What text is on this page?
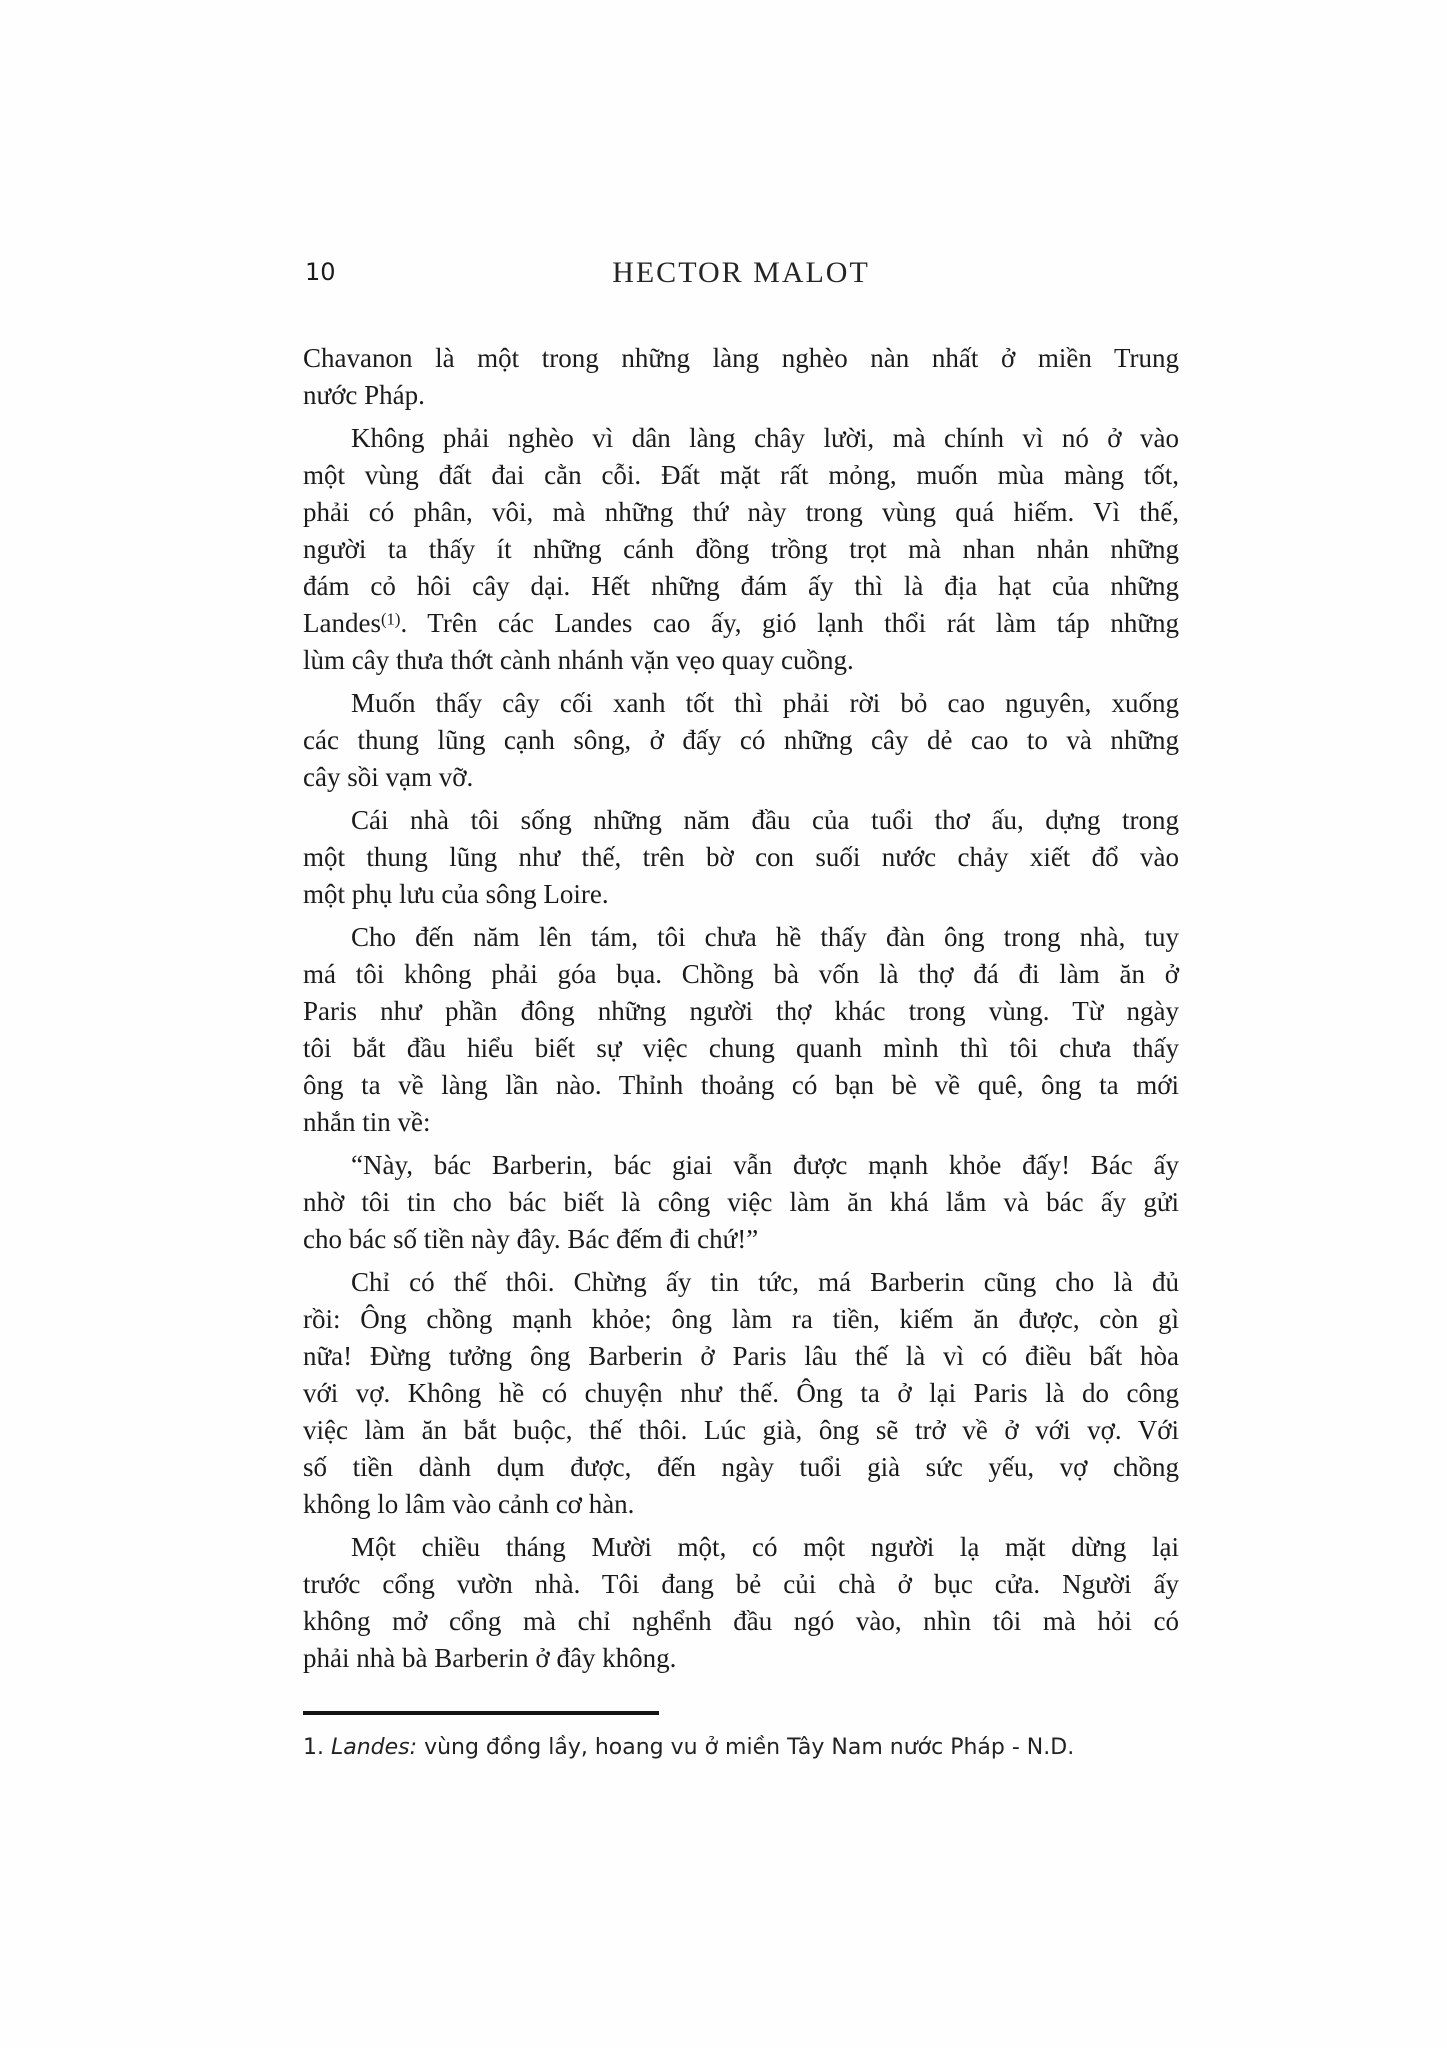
10	HECTOR MALOT

Chavanon là một trong những làng nghèo nàn nhất ở miền Trung
nước Pháp.

Không phải nghèo vì dân làng chây lười, mà chính vì nó ở vào
một vùng đất đai cằn cỗi. Đất mặt rất mỏng, muốn mùa màng tốt,
phải có phân, vôi, mà những thứ này trong vùng quá hiếm. Vì thế,
người ta thấy ít những cánh đồng trồng trọt mà nhan nhản những
đám cỏ hôi cây dại. Hết những đám ấy thì là địa hạt của những
Landes$^{(1)}$. Trên các Landes cao ấy, gió lạnh thổi rát làm táp những
lùm cây thưa thớt cành nhánh vặn vẹo quay cuồng.

Muốn thấy cây cối xanh tốt thì phải rời bỏ cao nguyên, xuống
các thung lũng cạnh sông, ở đấy có những cây dẻ cao to và những
cây sồi vạm vỡ.

Cái nhà tôi sống những năm đầu của tuổi thơ ấu, dựng trong
một thung lũng như thế, trên bờ con suối nước chảy xiết đổ vào
một phụ lưu của sông Loire.

Cho đến năm lên tám, tôi chưa hề thấy đàn ông trong nhà, tuy
má tôi không phải góa bụa. Chồng bà vốn là thợ đá đi làm ăn ở
Paris như phần đông những người thợ khác trong vùng. Từ ngày
tôi bắt đầu hiểu biết sự việc chung quanh mình thì tôi chưa thấy
ông ta về làng lần nào. Thỉnh thoảng có bạn bè về quê, ông ta mới
nhắn tin về:

“Này, bác Barberin, bác giai vẫn được mạnh khỏe đấy! Bác ấy
nhờ tôi tin cho bác biết là công việc làm ăn khá lắm và bác ấy gửi
cho bác số tiền này đây. Bác đếm đi chứ!”

Chỉ có thế thôi. Chừng ấy tin tức, má Barberin cũng cho là đủ
rồi: Ông chồng mạnh khỏe; ông làm ra tiền, kiếm ăn được, còn gì
nữa! Đừng tưởng ông Barberin ở Paris lâu thế là vì có điều bất hòa
với vợ. Không hề có chuyện như thế. Ông ta ở lại Paris là do công
việc làm ăn bắt buộc, thế thôi. Lúc già, ông sẽ trở về ở với vợ. Với
số tiền dành dụm được, đến ngày tuổi già sức yếu, vợ chồng
không lo lâm vào cảnh cơ hàn.

Một chiều tháng Mười một, có một người lạ mặt dừng lại
trước cổng vườn nhà. Tôi đang bẻ củi chà ở bục cửa. Người ấy
không mở cổng mà chỉ nghểnh đầu ngó vào, nhìn tôi mà hỏi có
phải nhà bà Barberin ở đây không.

1. Landes: vùng đồng lầy, hoang vu ở miền Tây Nam nước Pháp - N.D.
